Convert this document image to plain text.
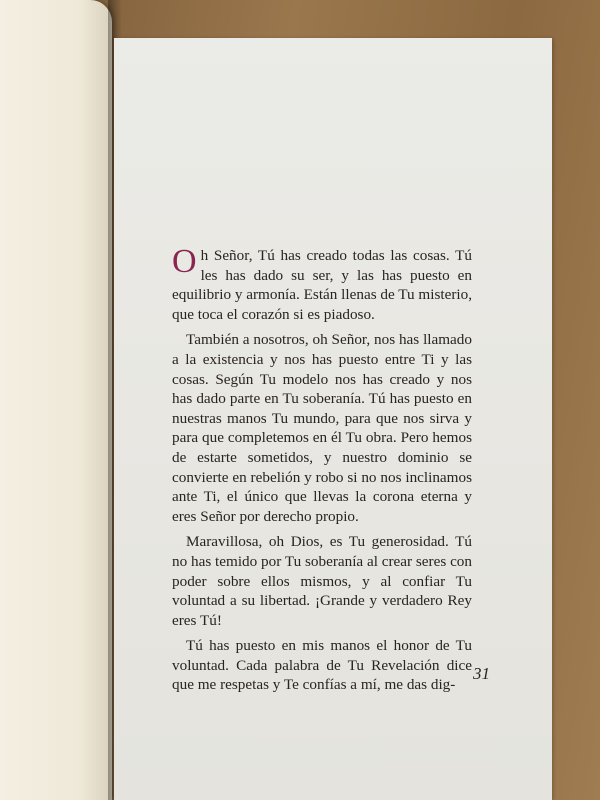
Oh Señor, Tú has creado todas las cosas. Tú les has dado su ser, y las has puesto en equilibrio y armonía. Están llenas de Tu misterio, que toca el corazón si es piadoso.

También a nosotros, oh Señor, nos has llamado a la existencia y nos has puesto entre Ti y las cosas. Según Tu modelo nos has creado y nos has dado parte en Tu soberanía. Tú has puesto en nuestras manos Tu mundo, para que nos sirva y para que completemos en él Tu obra. Pero hemos de estarte sometidos, y nuestro dominio se convierte en rebelión y robo si no nos inclinamos ante Ti, el único que llevas la corona eterna y eres Señor por derecho propio.

Maravillosa, oh Dios, es Tu generosidad. Tú no has temido por Tu soberanía al crear seres con poder sobre ellos mismos, y al confiar Tu voluntad a su libertad. ¡Grande y verdadero Rey eres Tú!

Tú has puesto en mis manos el honor de Tu voluntad. Cada palabra de Tu Revelación dice que me respetas y Te confías a mí, me das dig-

31
